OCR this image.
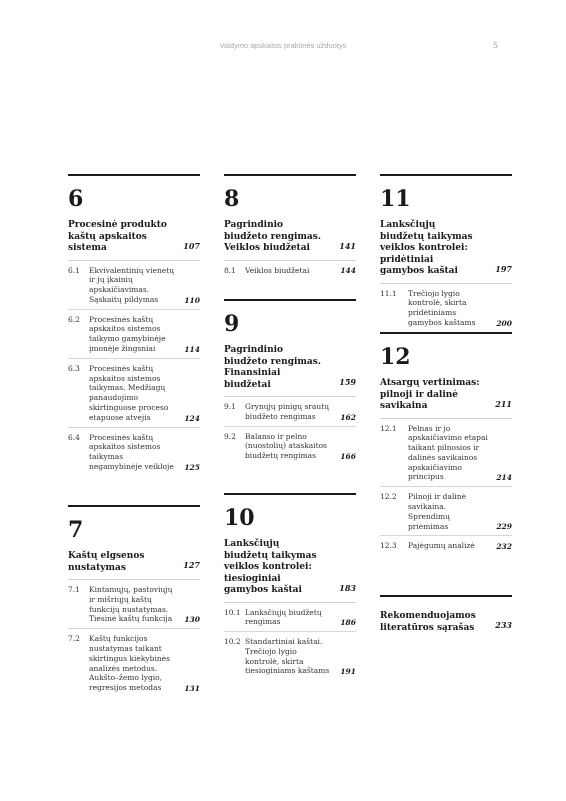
Valdymo apskaitos praktinės užduotys	5
6
Procesinė produkto kaštų apskaitos sistema	107
6.1 Ekvivalentinių vienetų ir jų įkainių apskaičiavimas. Sąskaitų pildymas	110
6.2 Procesinės kaštų apskaitos sistemos taikymo gamybinėje įmonėje žingsniai	114
6.3 Procesinės kaštų apskaitos sistemos taikymas. Medžiagų panaudojimo skirtinguose proceso etapuose atvejis	124
6.4 Procesinės kaštų apskaitos sistemos taikymas negamybinėje veikloje	125
7
Kaštų elgsenos nustatymas	127
7.1 Kintamųjų, pastoviųjų ir mišriųjų kaštų funkcijų nustatymas. Tiesinė kaštų funkcija	130
7.2 Kaštų funkcijos nustatymas taikant skirtingus kiekybinės analizės metodus. Aukšto–žemo lygio, regresijos metodas	131
8
Pagrindinio biudžeto rengimas. Veiklos biudžetai	141
8.1 Veiklos biudžetai	144
9
Pagrindinio biudžeto rengimas. Finansiniai biudžetai	159
9.1 Grynųjų pinigų srautų biudžeto rengimas	162
9.2 Balanso ir pelno (nuostolių) ataskaitos biudžetų rengimas	166
10
Lanksčiųjų biudžetų taikymas veiklos kontrolei: tiesioginiai gamybos kaštai	183
10.1 Lanksčiųjų biudžetų rengimas	186
10.2 Standartiniai kaštai. Trečiojo lygio kontrolė, skirta tiesioginiams kaštams	191
11
Lanksčiųjų biudžetų taikymas veiklos kontrolei: pridėtiniai gamybos kaštai	197
11.1 Trečiojo lygio kontrolė, skirta pridėtiniams gamybos kaštams	200
12
Atsargų vertinimas: pilnoji ir dalinė savikaina	211
12.1 Pelnas ir jo apskaičiavimo etapai taikant pilnosios ir dalinės savikainos apskaičiavimo principus	214
12.2 Pilnoji ir dalinė savikaina. Sprendimų priėmimas	229
12.3 Pajėgumų analizė	232
Rekomenduojamos literatūros sąrašas	233
